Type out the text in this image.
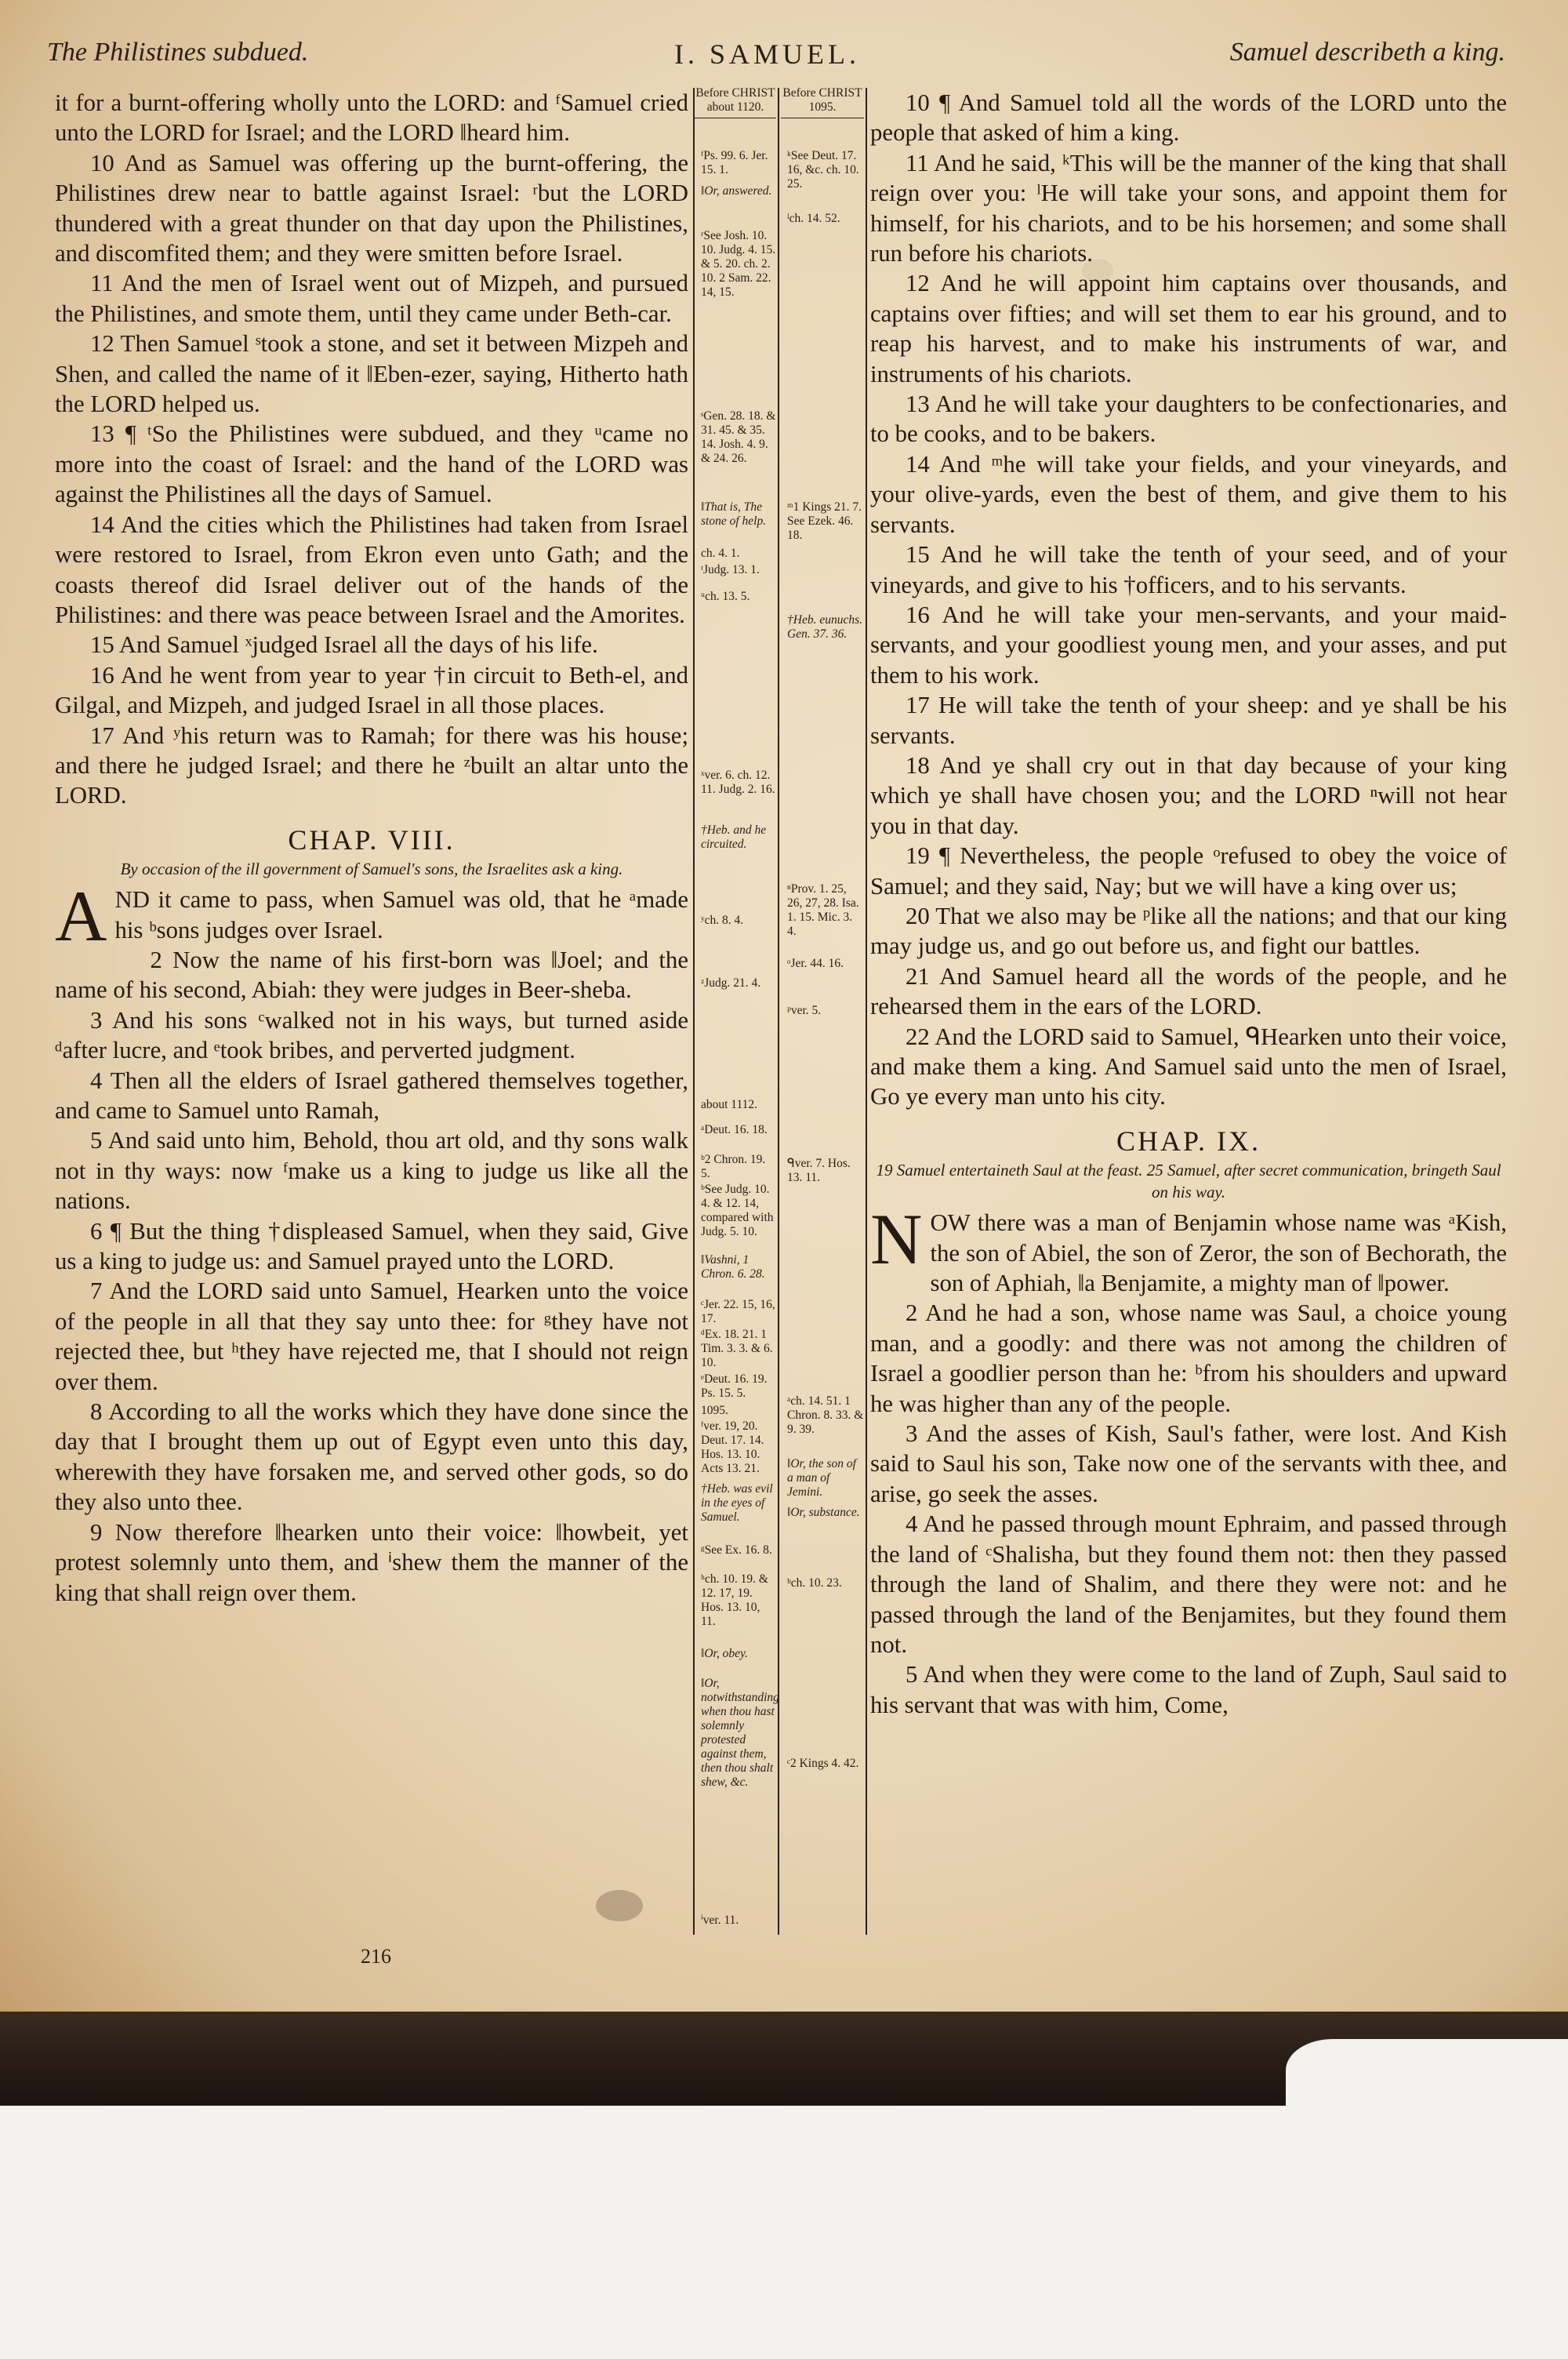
The Philistines subdued.	I. SAMUEL.	Samuel describeth a king.

it for a burnt-offering wholly unto the LORD: and ᶠSamuel cried unto the LORD for Israel; and the LORD ‖heard him.

10 And as Samuel was offering up the burnt-offering, the Philistines drew near to battle against Israel: ʳbut the LORD thundered with a great thunder on that day upon the Philistines, and discomfited them; and they were smitten before Israel.

11 And the men of Israel went out of Mizpeh, and pursued the Philistines, and smote them, until they came under Beth-car.

12 Then Samuel ˢtook a stone, and set it between Mizpeh and Shen, and called the name of it ‖Eben-ezer, saying, Hitherto hath the LORD helped us.

13 ¶ ᵗSo the Philistines were subdued, and they ᵘcame no more into the coast of Israel: and the hand of the LORD was against the Philistines all the days of Samuel.

14 And the cities which the Philistines had taken from Israel were restored to Israel, from Ekron even unto Gath; and the coasts thereof did Israel deliver out of the hands of the Philistines: and there was peace between Israel and the Amorites.

15 And Samuel ˣjudged Israel all the days of his life.

16 And he went from year to year †in circuit to Beth-el, and Gilgal, and Mizpeh, and judged Israel in all those places.

17 And ʸhis return was to Ramah; for there was his house; and there he judged Israel; and there he ᶻbuilt an altar unto the LORD.

CHAP. VIII.
By occasion of the ill government of Samuel's sons, the Israelites ask a king.

AND it came to pass, when Samuel was old, that he ᵃmade his ᵇsons judges over Israel.

2 Now the name of his first-born was ‖Joel; and the name of his second, Abiah: they were judges in Beer-sheba.

3 And his sons ᶜwalked not in his ways, but turned aside ᵈafter lucre, and ᵉtook bribes, and perverted judgment.

4 Then all the elders of Israel gathered themselves together, and came to Samuel unto Ramah,

5 And said unto him, Behold, thou art old, and thy sons walk not in thy ways: now ᶠmake us a king to judge us like all the nations.

6 ¶ But the thing †displeased Samuel, when they said, Give us a king to judge us: and Samuel prayed unto the LORD.

7 And the LORD said unto Samuel, Hearken unto the voice of the people in all that they say unto thee: for ᵍthey have not rejected thee, but ʰthey have rejected me, that I should not reign over them.

8 According to all the works which they have done since the day that I brought them up out of Egypt even unto this day, wherewith they have forsaken me, and served other gods, so do they also unto thee.

9 Now therefore ‖hearken unto their voice: ‖howbeit, yet protest solemnly unto them, and ⁱshew them the manner of the king that shall reign over them.

Before CHRIST about 1120.
ᶠPs. 99. 6. Jer. 15. 1.
‖Or, answered.
ʳSee Josh. 10. 10. Judg. 4. 15. & 5. 20. ch. 2. 10. 2 Sam. 22. 14, 15.
ˢGen. 28. 18. & 31. 45. & 35. 14. Josh. 4. 9. & 24. 26.
‖That is, The stone of help.
ch. 4. 1.
ᵗJudg. 13. 1.
ᵘch. 13. 5.
ˣver. 6. ch. 12. 11. Judg. 2. 16.
†Heb. and he circuited.
ʸch. 8. 4.
ᶻJudg. 21. 4.
about 1112.
ᵃDeut. 16. 18.
ᵇ2 Chron. 19. 5.
ᵇSee Judg. 10. 4. & 12. 14, compared with Judg. 5. 10.
‖Vashni, 1 Chron. 6. 28.
ᶜJer. 22. 15, 16, 17.
ᵈEx. 18. 21. 1 Tim. 3. 3. & 6. 10.
ᵉDeut. 16. 19. Ps. 15. 5.
1095.
ᶠver. 19, 20. Deut. 17. 14. Hos. 13. 10. Acts 13. 21.
†Heb. was evil in the eyes of Samuel.
ᵍSee Ex. 16. 8.
ʰch. 10. 19. & 12. 17, 19. Hos. 13. 10, 11.
‖Or, obey.
‖Or, notwithstanding when thou hast solemnly protested against them, then thou shalt shew, &c.
ⁱver. 11.
Before CHRIST 1095.
ᵏSee Deut. 17. 16, &c. ch. 10. 25.
ˡch. 14. 52.
ᵐ1 Kings 21. 7. See Ezek. 46. 18.
†Heb. eunuchs. Gen. 37. 36.
ⁿProv. 1. 25, 26, 27, 28. Isa. 1. 15. Mic. 3. 4.
ᵒJer. 44. 16.
ᵖver. 5.
ᑫver. 7. Hos. 13. 11.
ᵃch. 14. 51. 1 Chron. 8. 33. & 9. 39.
‖Or, the son of a man of Jemini.
‖Or, substance.
ᵇch. 10. 23.
ᶜ2 Kings 4. 42.

10 ¶ And Samuel told all the words of the LORD unto the people that asked of him a king.

11 And he said, ᵏThis will be the manner of the king that shall reign over you: ˡHe will take your sons, and appoint them for himself, for his chariots, and to be his horsemen; and some shall run before his chariots.

12 And he will appoint him captains over thousands, and captains over fifties; and will set them to ear his ground, and to reap his harvest, and to make his instruments of war, and instruments of his chariots.

13 And he will take your daughters to be confectionaries, and to be cooks, and to be bakers.

14 And ᵐhe will take your fields, and your vineyards, and your olive-yards, even the best of them, and give them to his servants.

15 And he will take the tenth of your seed, and of your vineyards, and give to his †officers, and to his servants.

16 And he will take your men-servants, and your maid-servants, and your goodliest young men, and your asses, and put them to his work.

17 He will take the tenth of your sheep: and ye shall be his servants.

18 And ye shall cry out in that day because of your king which ye shall have chosen you; and the LORD ⁿwill not hear you in that day.

19 ¶ Nevertheless, the people ᵒrefused to obey the voice of Samuel; and they said, Nay; but we will have a king over us;

20 That we also may be ᵖlike all the nations; and that our king may judge us, and go out before us, and fight our battles.

21 And Samuel heard all the words of the people, and he rehearsed them in the ears of the LORD.

22 And the LORD said to Samuel, ᑫHearken unto their voice, and make them a king. And Samuel said unto the men of Israel, Go ye every man unto his city.

CHAP. IX.
19 Samuel entertaineth Saul at the feast. 25 Samuel, after secret communication, bringeth Saul on his way.

NOW there was a man of Benjamin whose name was ᵃKish, the son of Abiel, the son of Zeror, the son of Bechorath, the son of Aphiah, ‖a Benjamite, a mighty man of ‖power.

2 And he had a son, whose name was Saul, a choice young man, and a goodly: and there was not among the children of Israel a goodlier person than he: ᵇfrom his shoulders and upward he was higher than any of the people.

3 And the asses of Kish, Saul's father, were lost. And Kish said to Saul his son, Take now one of the servants with thee, and arise, go seek the asses.

4 And he passed through mount Ephraim, and passed through the land of ᶜShalisha, but they found them not: then they passed through the land of Shalim, and there they were not: and he passed through the land of the Benjamites, but they found them not.

5 And when they were come to the land of Zuph, Saul said to his servant that was with him, Come,

216
